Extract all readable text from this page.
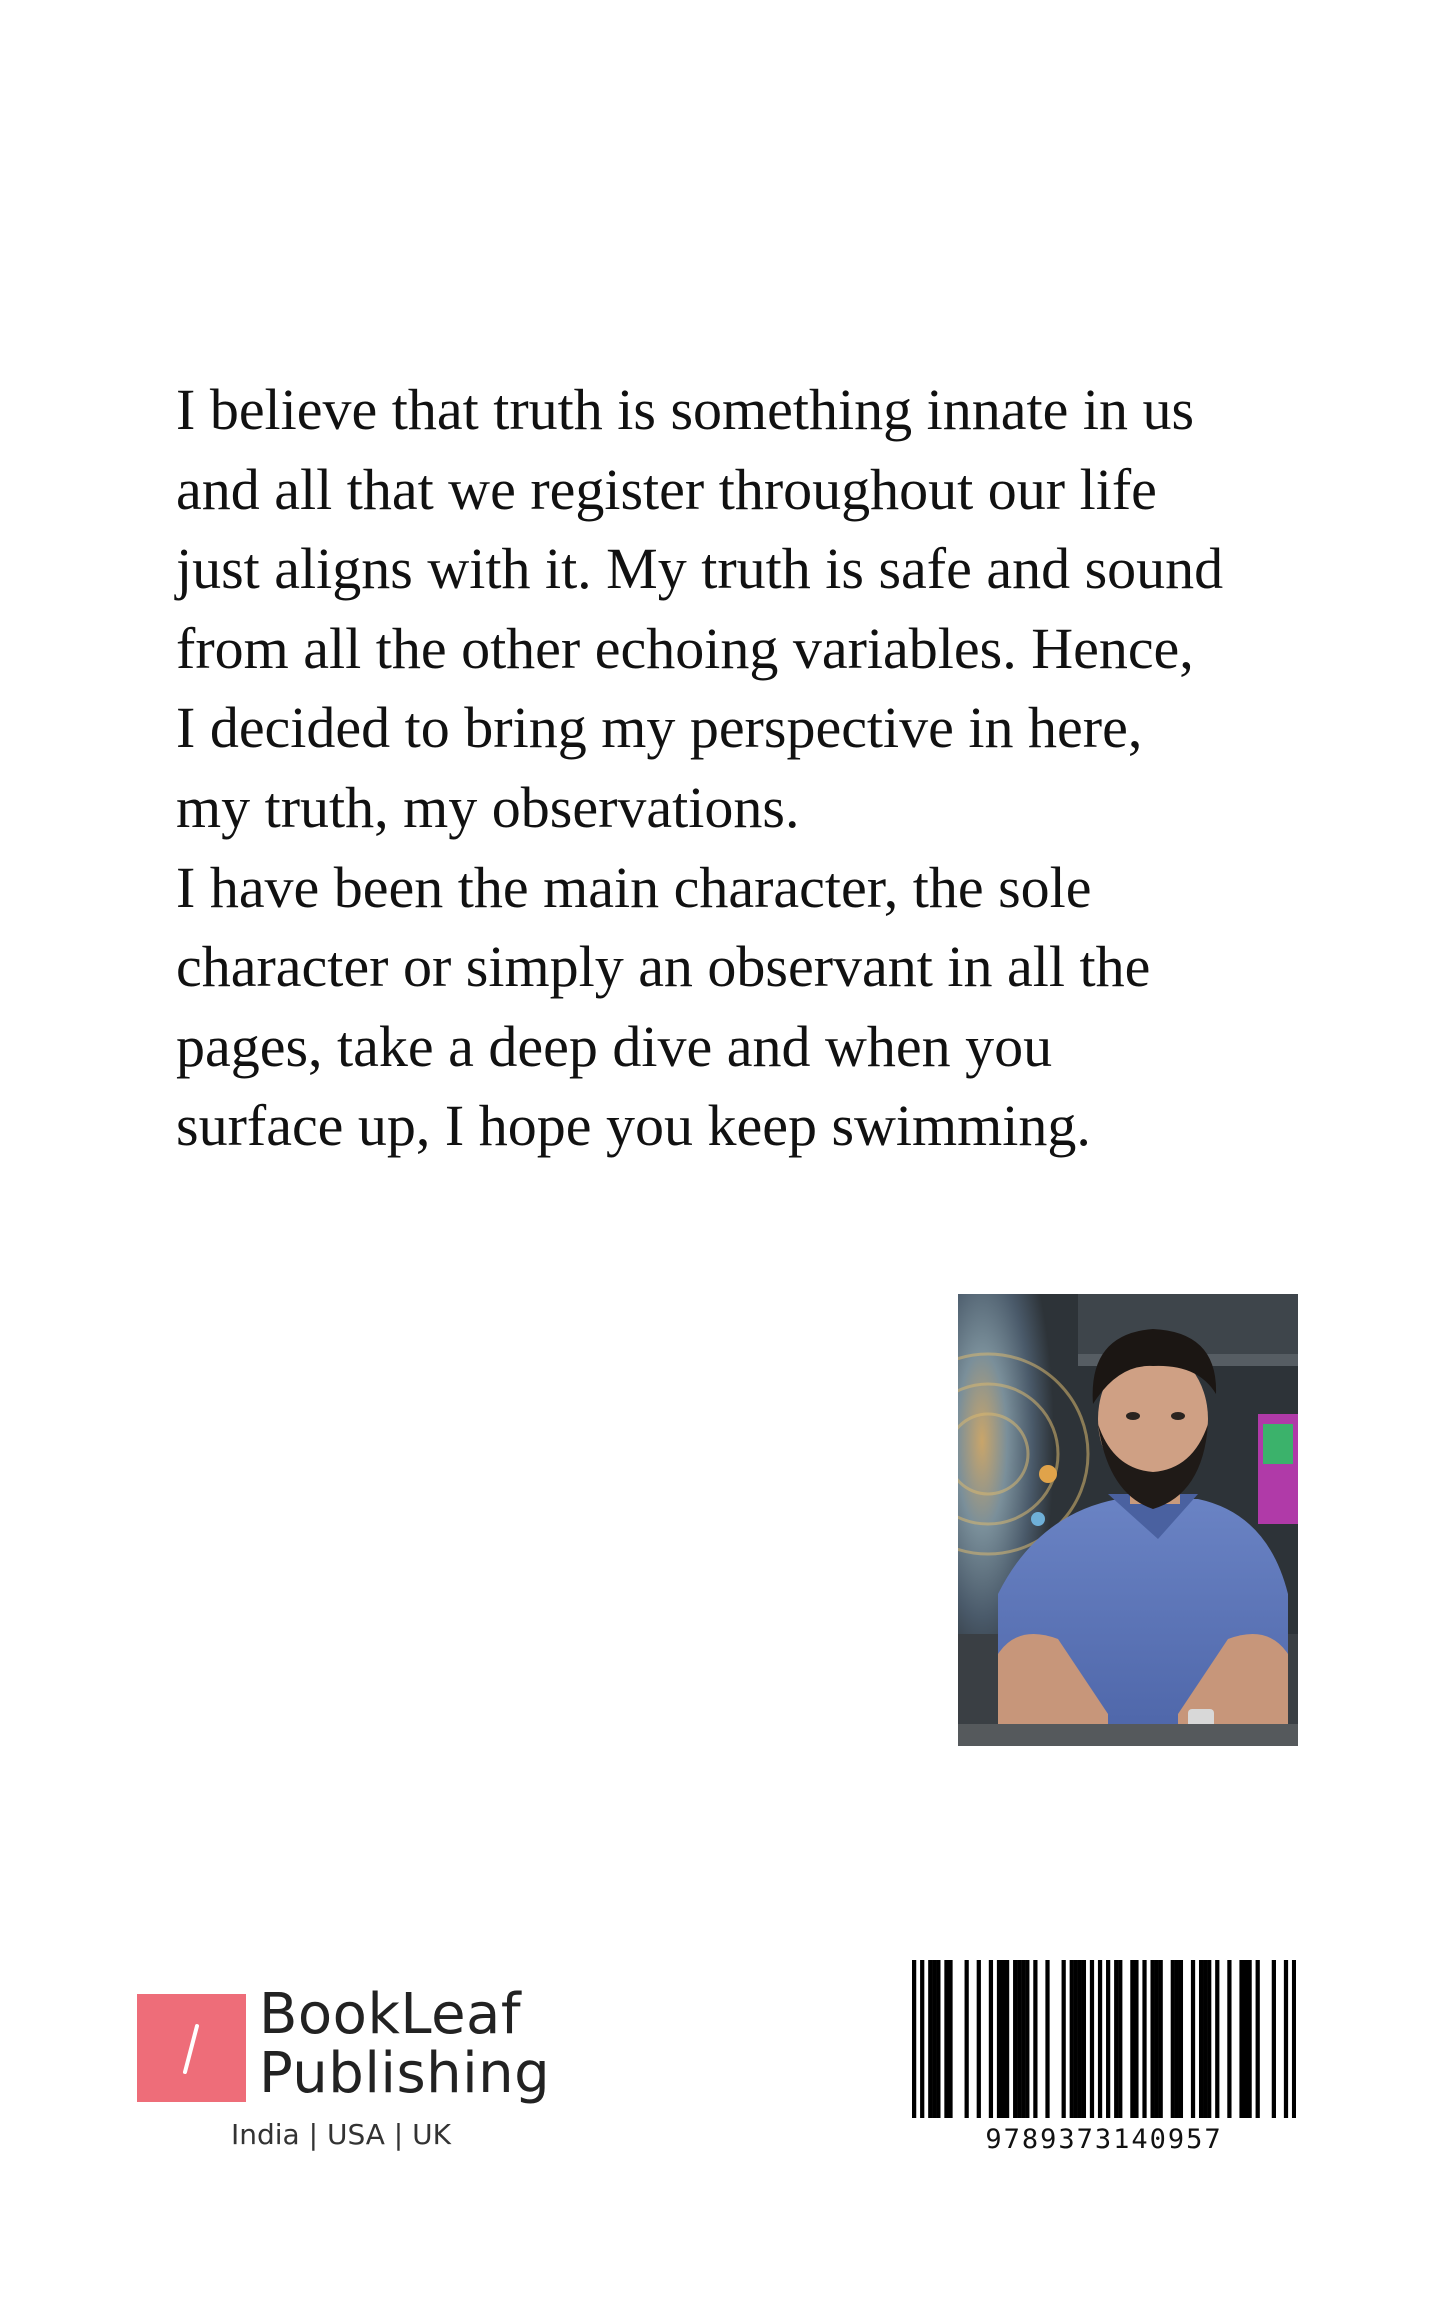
I believe that truth is something innate in us
and all that we register throughout our life
just aligns with it. My truth is safe and sound
from all the other echoing variables. Hence,
I decided to bring my perspective in here,
my truth, my observations.
I have been the main character, the sole
character or simply an observant in all the
pages, take a deep dive and when you
surface up, I hope you keep swimming.
BookLeaf
Publishing
India | USA | UK	9789373140957
